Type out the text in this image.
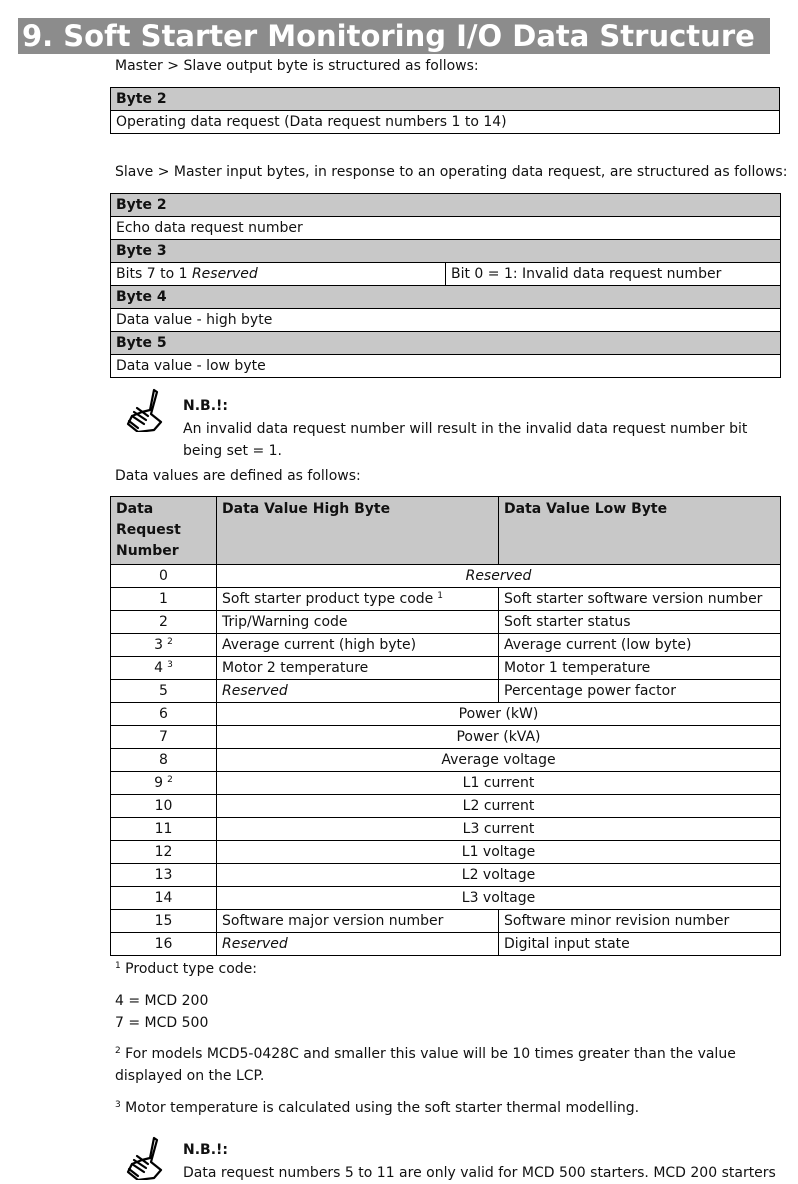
9. Soft Starter Monitoring I/O Data Structure
Master > Slave output byte is structured as follows:
Byte 2
Operating data request (Data request numbers 1 to 14)
Slave > Master input bytes, in response to an operating data request, are structured as follows:
Byte 2
Echo data request number
Byte 3
Bits 7 to 1 Reserved	Bit 0 = 1: Invalid data request number
Byte 4
Data value - high byte
Byte 5
Data value - low byte
N.B.!:
An invalid data request number will result in the invalid data request number bit being set = 1.
Data values are defined as follows:
Data Request Number	Data Value High Byte	Data Value Low Byte
0	Reserved	
1	Soft starter product type code $^1$	Soft starter software version number
2	Trip/Warning code	Soft starter status
3 $^2$	Average current (high byte)	Average current (low byte)
4 $^3$	Motor 2 temperature	Motor 1 temperature
5	Reserved	Percentage power factor
6	Power (kW)	
7	Power (kVA)	
8	Average voltage	
9 $^2$	L1 current	
10	L2 current	
11	L3 current	
12	L1 voltage	
13	L2 voltage	
14	L3 voltage	
15	Software major version number	Software minor revision number
16	Reserved	Digital input state
$^1$ Product type code:
4 = MCD 200
7 = MCD 500
$^2$ For models MCD5-0428C and smaller this value will be 10 times greater than the value displayed on the LCP.
$^3$ Motor temperature is calculated using the soft starter thermal modelling.
N.B.!:
Data request numbers 5 to 11 are only valid for MCD 500 starters. MCD 200 starters
